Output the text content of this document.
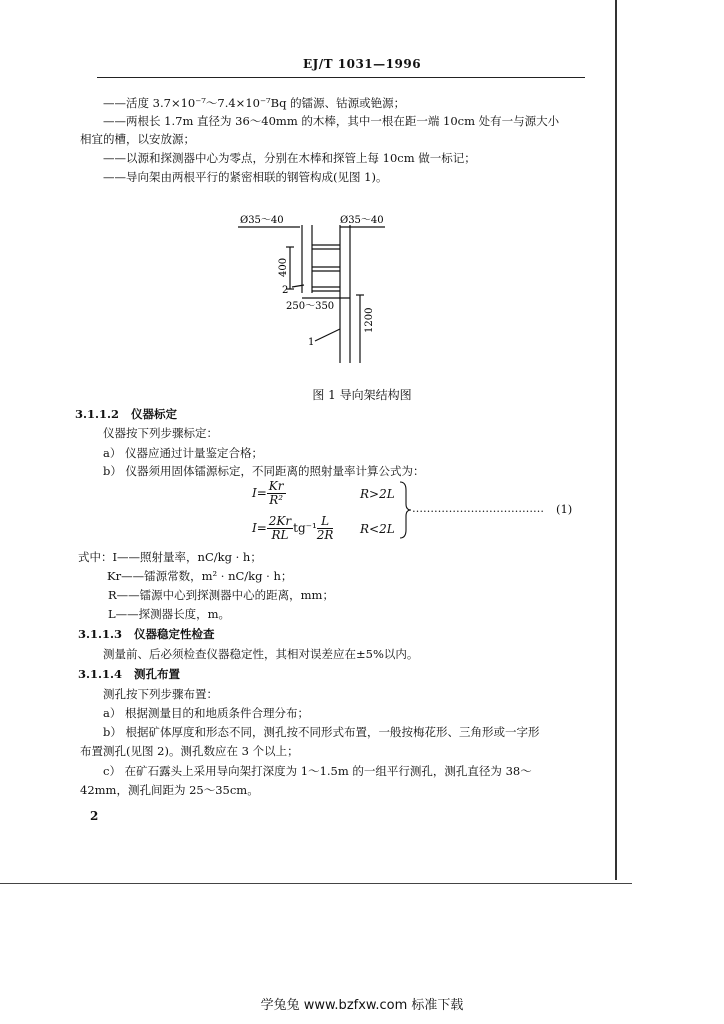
EJ/T 1031—1996
——活度 3.7×10⁻⁷～7.4×10⁻⁷Bq 的镭源、钴源或铯源；
——两根长 1.7m 直径为 36～40mm 的木棒，其中一根在距一端 10cm 处有一与源大小
相宜的槽，以安放源；
——以源和探测器中心为零点，分别在木棒和探管上每 10cm 做一标记；
——导向架由两根平行的紧密相联的钢管构成(见图 1)。
Ø35～40	Ø35～40
400
250～350
1200
2
1
图 1 导向架结构图
3.1.1.2 仪器标定
仪器按下列步骤标定：
a） 仪器应通过计量鉴定合格；
b） 仪器须用固体镭源标定，不同距离的照射量率计算公式为：
$I= \frac{Kr}{\text{R²}}$	R>2L
$I= \frac{2Kr}{RL} tg^{-1} \frac{L}{2R} R<2L$
……………………………… (1)
式中：I——照射量率，nC/kg · h；
Kr——镭源常数，m² · nC/kg · h；
R——镭源中心到探测器中心的距离，mm；
L——探测器长度，m。
3.1.1.3 仪器稳定性检查
测量前、后必须检查仪器稳定性，其相对误差应在±5%以内。
3.1.1.4 测孔布置
测孔按下列步骤布置：
a） 根据测量目的和地质条件合理分布；
b） 根据矿体厚度和形态不同，测孔按不同形式布置，一般按梅花形、三角形或一字形
布置测孔(见图 2)。测孔数应在 3 个以上；
c） 在矿石露头上采用导向架打深度为 1～1.5m 的一组平行测孔，测孔直径为 38～
42mm，测孔间距为 25～35cm。
2
学兔兔 www.bzfxw.com 标准下载
